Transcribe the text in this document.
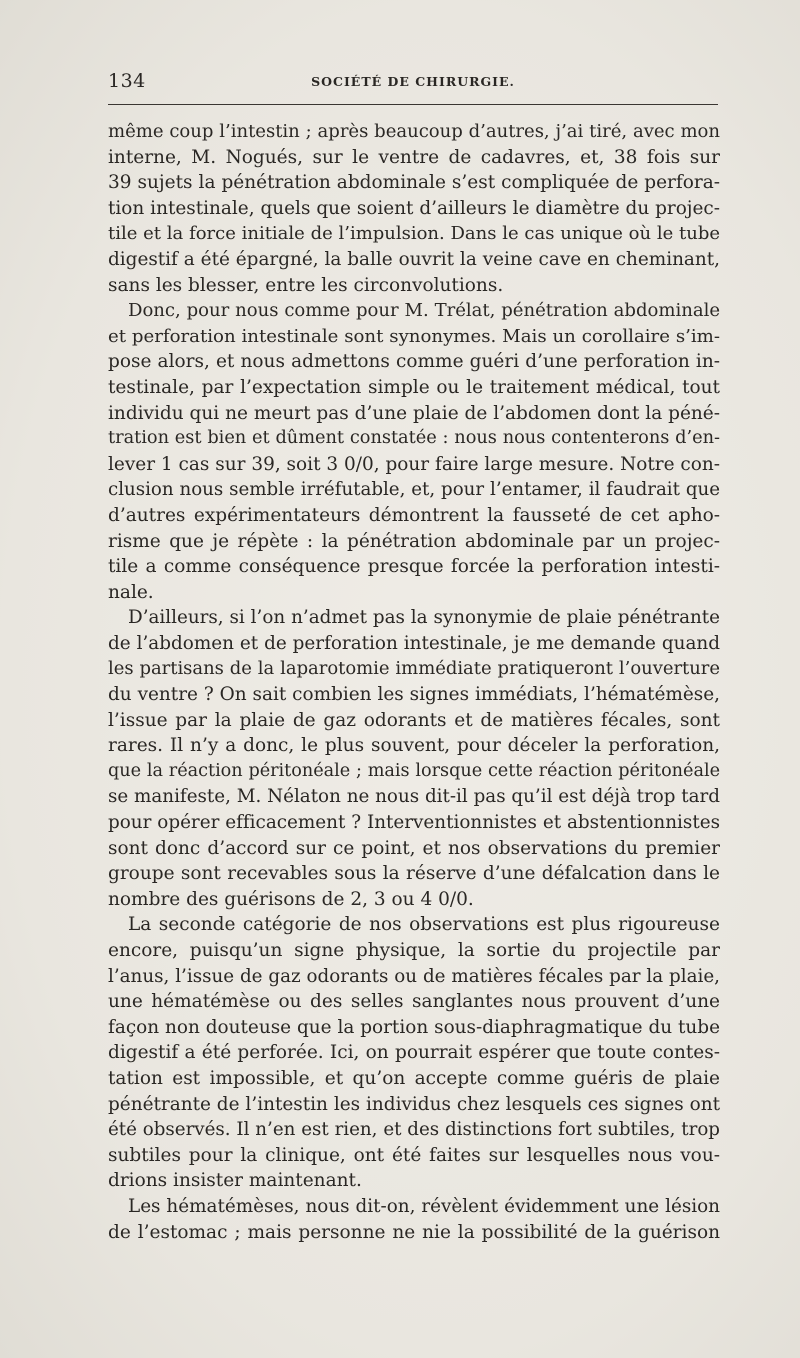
134	SOCIÉTÉ DE CHIRURGIE.
même coup l’intestin ; après beaucoup d’autres, j’ai tiré, avec mon
interne, M. Nogués, sur le ventre de cadavres, et, 38 fois sur
39 sujets la pénétration abdominale s’est compliquée de perfora-
tion intestinale, quels que soient d’ailleurs le diamètre du projec-
tile et la force initiale de l’impulsion. Dans le cas unique où le tube
digestif a été épargné, la balle ouvrit la veine cave en cheminant,
sans les blesser, entre les circonvolutions.
Donc, pour nous comme pour M. Trélat, pénétration abdominale
et perforation intestinale sont synonymes. Mais un corollaire s’im-
pose alors, et nous admettons comme guéri d’une perforation in-
testinale, par l’expectation simple ou le traitement médical, tout
individu qui ne meurt pas d’une plaie de l’abdomen dont la péné-
tration est bien et dûment constatée : nous nous contenterons d’en-
lever 1 cas sur 39, soit 3 0/0, pour faire large mesure. Notre con-
clusion nous semble irréfutable, et, pour l’entamer, il faudrait que
d’autres expérimentateurs démontrent la fausseté de cet apho-
risme que je répète : la pénétration abdominale par un projec-
tile a comme conséquence presque forcée la perforation intesti-
nale.
D’ailleurs, si l’on n’admet pas la synonymie de plaie pénétrante
de l’abdomen et de perforation intestinale, je me demande quand
les partisans de la laparotomie immédiate pratiqueront l’ouverture
du ventre ? On sait combien les signes immédiats, l’hématémèse,
l’issue par la plaie de gaz odorants et de matières fécales, sont
rares. Il n’y a donc, le plus souvent, pour déceler la perforation,
que la réaction péritonéale ; mais lorsque cette réaction péritonéale
se manifeste, M. Nélaton ne nous dit-il pas qu’il est déjà trop tard
pour opérer efficacement ? Interventionnistes et abstentionnistes
sont donc d’accord sur ce point, et nos observations du premier
groupe sont recevables sous la réserve d’une défalcation dans le
nombre des guérisons de 2, 3 ou 4 0/0.
La seconde catégorie de nos observations est plus rigoureuse
encore, puisqu’un signe physique, la sortie du projectile par
l’anus, l’issue de gaz odorants ou de matières fécales par la plaie,
une hématémèse ou des selles sanglantes nous prouvent d’une
façon non douteuse que la portion sous-diaphragmatique du tube
digestif a été perforée. Ici, on pourrait espérer que toute contes-
tation est impossible, et qu’on accepte comme guéris de plaie
pénétrante de l’intestin les individus chez lesquels ces signes ont
été observés. Il n’en est rien, et des distinctions fort subtiles, trop
subtiles pour la clinique, ont été faites sur lesquelles nous vou-
drions insister maintenant.
Les hématémèses, nous dit-on, révèlent évidemment une lésion
de l’estomac ; mais personne ne nie la possibilité de la guérison
